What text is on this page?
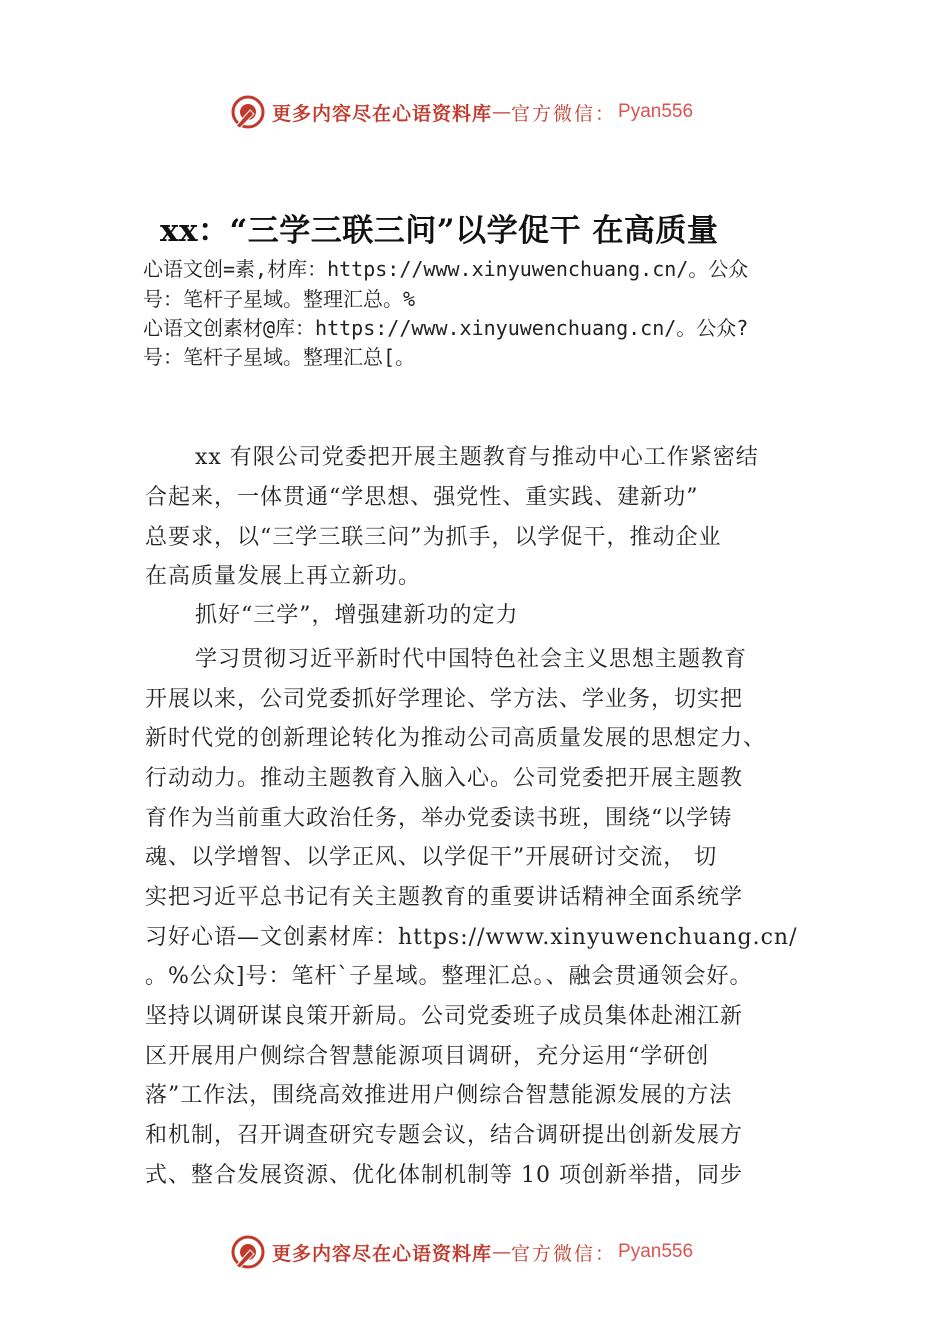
更多内容尽在心语资料库 — 官方微信： Pyan556
xx：“三学三联三问”以学促干 在高质量
心语文创=素,材库：https://www.xinyuwenchuang.cn/。公众
号：笔杆子星域。整理汇总。%
心语文创素材@库：https://www.xinyuwenchuang.cn/。公众?
号：笔杆子星域。整理汇总[。
xx 有限公司党委把开展主题教育与推动中心工作紧密结
合起来，一体贯通“学思想、强党性、重实践、建新功”
总要求，以“三学三联三问”为抓手，以学促干，推动企业
在高质量发展上再立新功。
抓好“三学”，增强建新功的定力
学习贯彻习近平新时代中国特色社会主义思想主题教育
开展以来，公司党委抓好学理论、学方法、学业务，切实把
新时代党的创新理论转化为推动公司高质量发展的思想定力、
行动动力。推动主题教育入脑入心。公司党委把开展主题教
育作为当前重大政治任务，举办党委读书班，围绕“以学铸
魂、以学增智、以学正风、以学促干”开展研讨交流， 切
实把习近平总书记有关主题教育的重要讲话精神全面系统学
习好心语—文创素材库：https://www.xinyuwenchuang.cn/
。%公众]号：笔杆`子星域。整理汇总。、融会贯通领会好。
坚持以调研谋良策开新局。公司党委班子成员集体赴湘江新
区开展用户侧综合智慧能源项目调研，充分运用“学研创
落”工作法，围绕高效推进用户侧综合智慧能源发展的方法
和机制，召开调查研究专题会议，结合调研提出创新发展方
式、整合发展资源、优化体制机制等 10 项创新举措，同步
更多内容尽在心语资料库 — 官方微信： Pyan556
